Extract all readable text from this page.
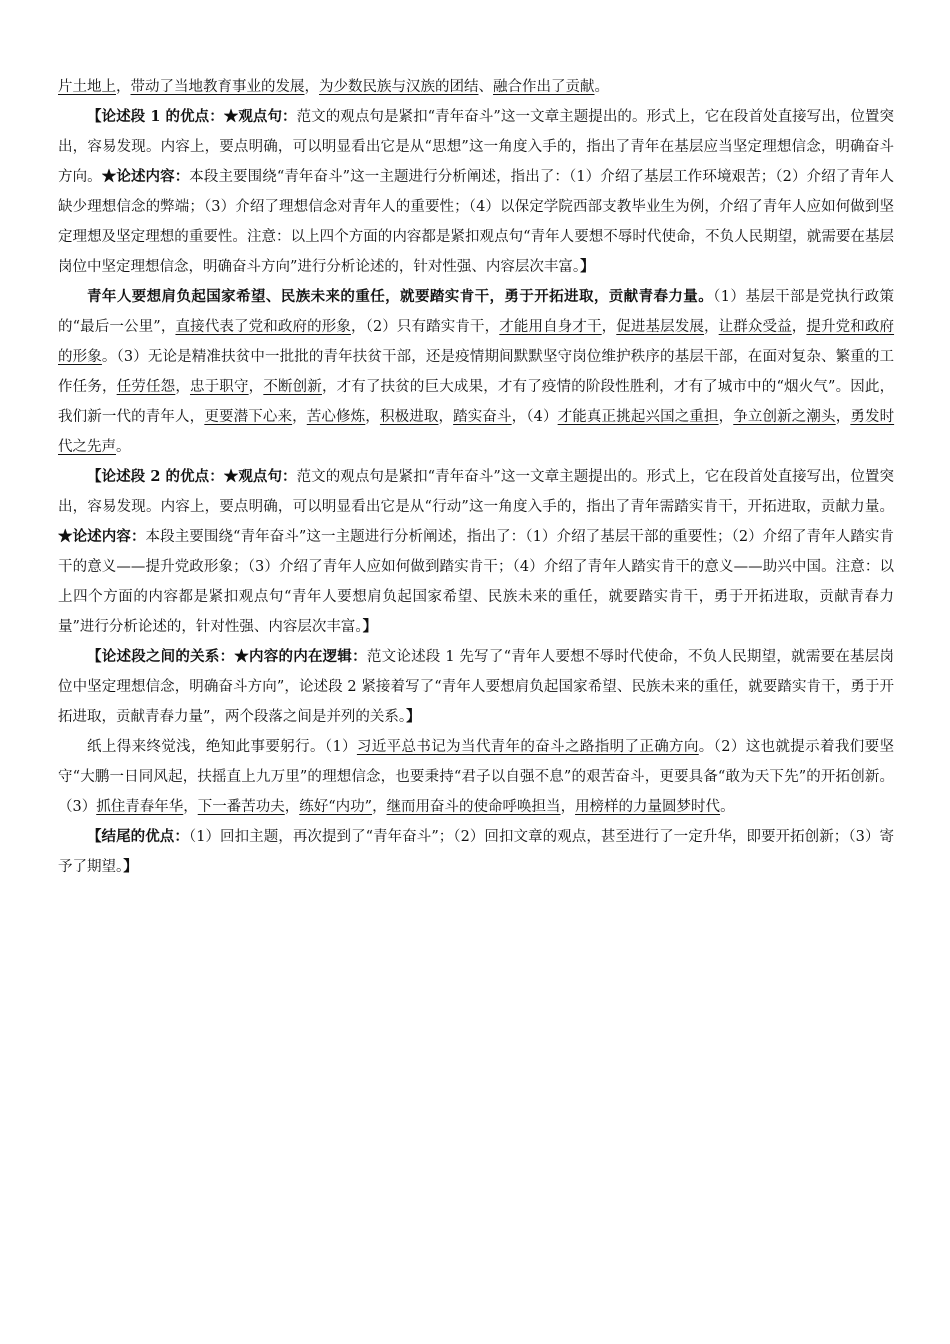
片土地上，带动了当地教育事业的发展，为少数民族与汉族的团结、融合作出了贡献。

【论述段 1 的优点：★观点句：范文的观点句是紧扣“青年奋斗”这一文章主题提出的。形式上，它在段首处直接写出，位置突出，容易发现。内容上，要点明确，可以明显看出它是从“思想”这一角度入手的，指出了青年在基层应当坚定理想信念，明确奋斗方向。★论述内容：本段主要围绕“青年奋斗”这一主题进行分析阐述，指出了：（1）介绍了基层工作环境艰苦；（2）介绍了青年人缺少理想信念的弊端；（3）介绍了理想信念对青年人的重要性；（4）以保定学院西部支教毕业生为例，介绍了青年人应如何做到坚定理想及坚定理想的重要性。注意：以上四个方面的内容都是紧扣观点句“青年人要想不辱时代使命，不负人民期望，就需要在基层岗位中坚定理想信念，明确奋斗方向”进行分析论述的，针对性强、内容层次丰富。】

青年人要想肩负起国家希望、民族未来的重任，就要踏实肯干，勇于开拓进取，贡献青春力量。（1）基层干部是党执行政策的“最后一公里”，直接代表了党和政府的形象，（2）只有踏实肯干，才能用自身才干，促进基层发展，让群众受益，提升党和政府的形象。（3）无论是精准扶贫中一批批的青年扶贫干部，还是疫情期间默默坚守岗位维护秩序的基层干部，在面对复杂、繁重的工作任务，任劳任怨，忠于职守，不断创新，才有了扶贫的巨大成果，才有了疫情的阶段性胜利，才有了城市中的“烟火气”。因此，我们新一代的青年人，更要潜下心来，苦心修炼，积极进取，踏实奋斗，（4）才能真正挑起兴国之重担，争立创新之潮头，勇发时代之先声。

【论述段 2 的优点：★观点句：范文的观点句是紧扣“青年奋斗”这一文章主题提出的。形式上，它在段首处直接写出，位置突出，容易发现。内容上，要点明确，可以明显看出它是从“行动”这一角度入手的，指出了青年需踏实肯干，开拓进取，贡献力量。★论述内容：本段主要围绕“青年奋斗”这一主题进行分析阐述，指出了：（1）介绍了基层干部的重要性；（2）介绍了青年人踏实肯干的意义——提升党政形象；（3）介绍了青年人应如何做到踏实肯干；（4）介绍了青年人踏实肯干的意义——助兴中国。注意：以上四个方面的内容都是紧扣观点句“青年人要想肩负起国家希望、民族未来的重任，就要踏实肯干，勇于开拓进取，贡献青春力量”进行分析论述的，针对性强、内容层次丰富。】

【论述段之间的关系：★内容的内在逻辑：范文论述段 1 先写了“青年人要想不辱时代使命，不负人民期望，就需要在基层岗位中坚定理想信念，明确奋斗方向”，论述段 2 紧接着写了“青年人要想肩负起国家希望、民族未来的重任，就要踏实肯干，勇于开拓进取，贡献青春力量”，两个段落之间是并列的关系。】

纸上得来终觉浅，绝知此事要躬行。（1）习近平总书记为当代青年的奋斗之路指明了正确方向。（2）这也就提示着我们要坚守“大鹏一日同风起，扶摇直上九万里”的理想信念，也要秉持“君子以自强不息”的艰苦奋斗，更要具备“敢为天下先”的开拓创新。（3）抓住青春年华，下一番苦功夫，练好“内功”，继而用奋斗的使命呼唤担当，用榜样的力量圆梦时代。

【结尾的优点：（1）回扣主题，再次提到了“青年奋斗”；（2）回扣文章的观点，甚至进行了一定升华，即要开拓创新；（3）寄予了期望。】
